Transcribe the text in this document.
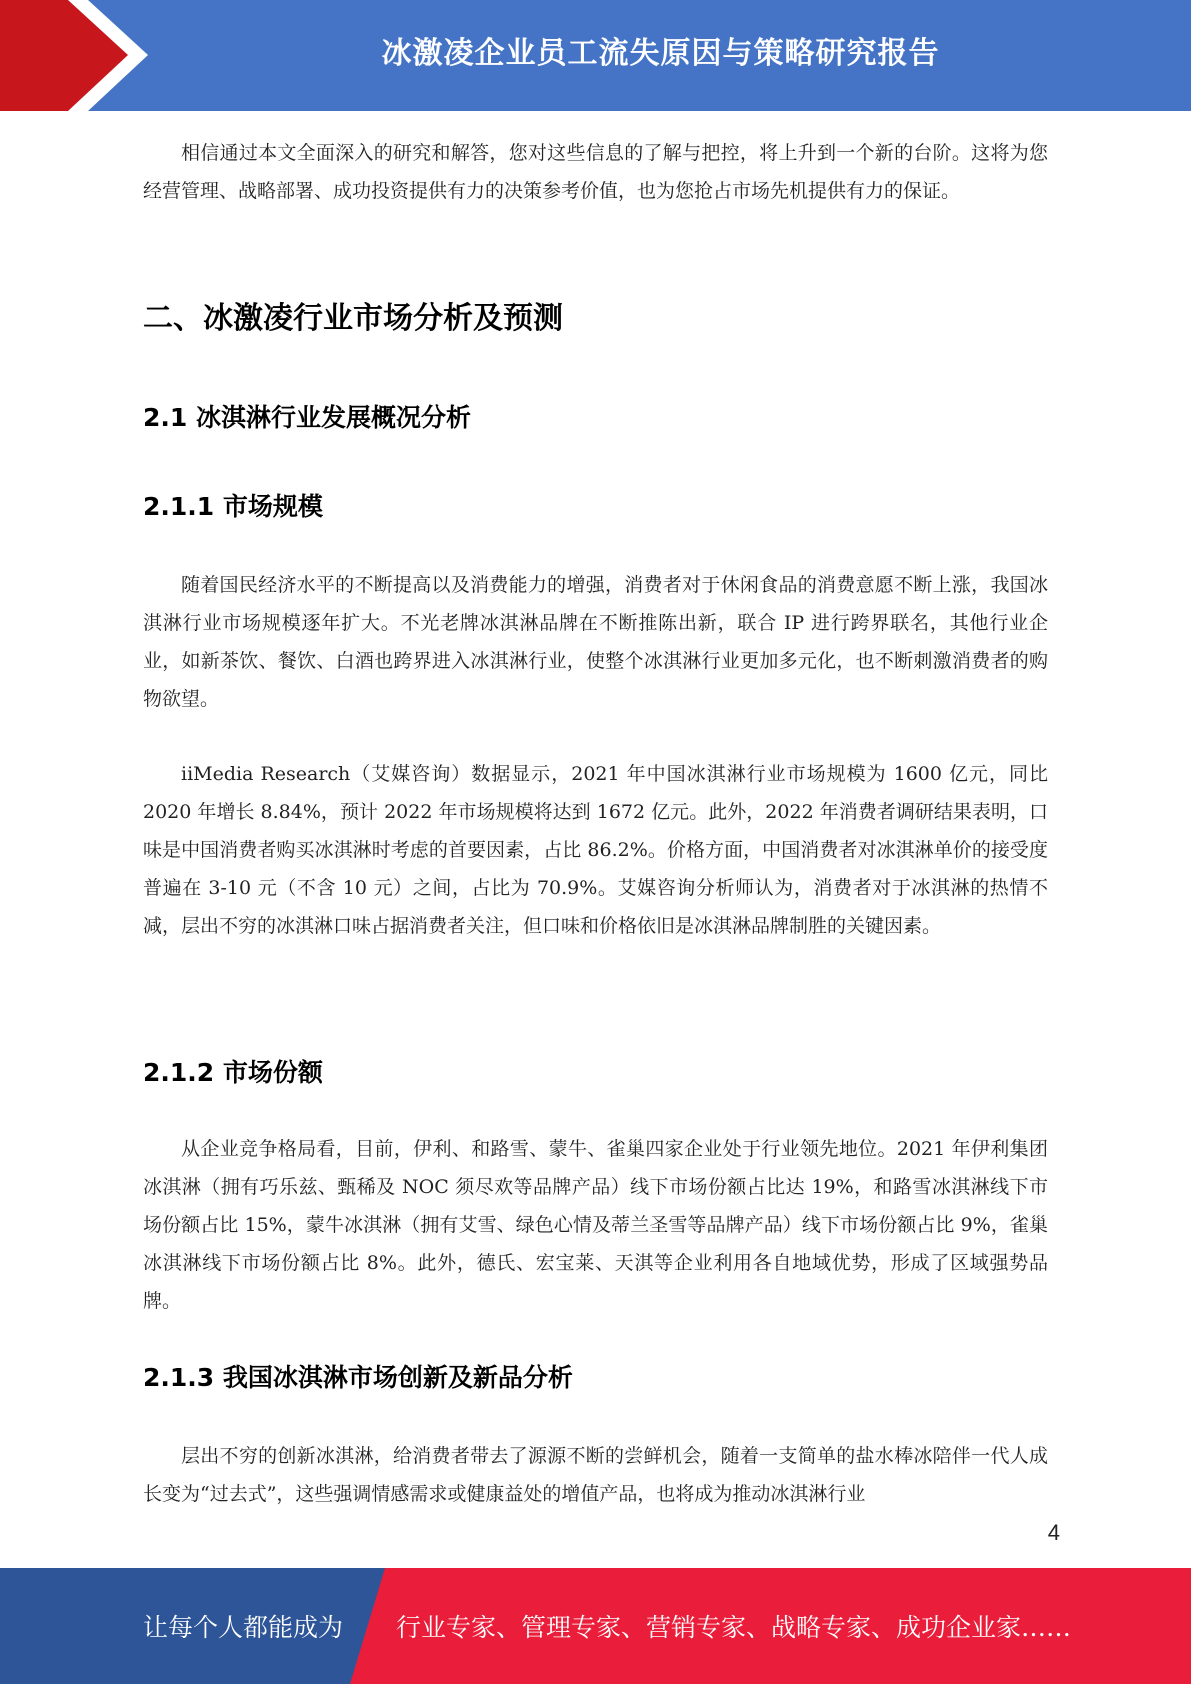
冰激凌企业员工流失原因与策略研究报告

相信通过本文全面深入的研究和解答，您对这些信息的了解与把控，将上升到一个新的台阶。这将为您经营管理、战略部署、成功投资提供有力的决策参考价值，也为您抢占市场先机提供有力的保证。

二、冰激凌行业市场分析及预测
2.1 冰淇淋行业发展概况分析
2.1.1 市场规模

随着国民经济水平的不断提高以及消费能力的增强，消费者对于休闲食品的消费意愿不断上涨，我国冰淇淋行业市场规模逐年扩大。不光老牌冰淇淋品牌在不断推陈出新，联合 IP 进行跨界联名，其他行业企业，如新茶饮、餐饮、白酒也跨界进入冰淇淋行业，使整个冰淇淋行业更加多元化，也不断刺激消费者的购物欲望。

iiMedia Research（艾媒咨询）数据显示，2021 年中国冰淇淋行业市场规模为 1600 亿元，同比 2020 年增长 8.84%，预计 2022 年市场规模将达到 1672 亿元。此外，2022 年消费者调研结果表明，口味是中国消费者购买冰淇淋时考虑的首要因素，占比 86.2%。价格方面，中国消费者对冰淇淋单价的接受度普遍在 3-10 元（不含 10 元）之间，占比为 70.9%。艾媒咨询分析师认为，消费者对于冰淇淋的热情不减，层出不穷的冰淇淋口味占据消费者关注，但口味和价格依旧是冰淇淋品牌制胜的关键因素。

2.1.2 市场份额

从企业竞争格局看，目前，伊利、和路雪、蒙牛、雀巢四家企业处于行业领先地位。2021 年伊利集团冰淇淋（拥有巧乐兹、甄稀及 NOC 须尽欢等品牌产品）线下市场份额占比达 19%，和路雪冰淇淋线下市场份额占比 15%，蒙牛冰淇淋（拥有艾雪、绿色心情及蒂兰圣雪等品牌产品）线下市场份额占比 9%，雀巢冰淇淋线下市场份额占比 8%。此外，德氏、宏宝莱、天淇等企业利用各自地域优势，形成了区域强势品牌。

2.1.3 我国冰淇淋市场创新及新品分析

层出不穷的创新冰淇淋，给消费者带去了源源不断的尝鲜机会，随着一支简单的盐水棒冰陪伴一代人成长变为“过去式”，这些强调情感需求或健康益处的增值产品，也将成为推动冰淇淋行业

4
让每个人都能成为 行业专家、管理专家、营销专家、战略专家、成功企业家……
